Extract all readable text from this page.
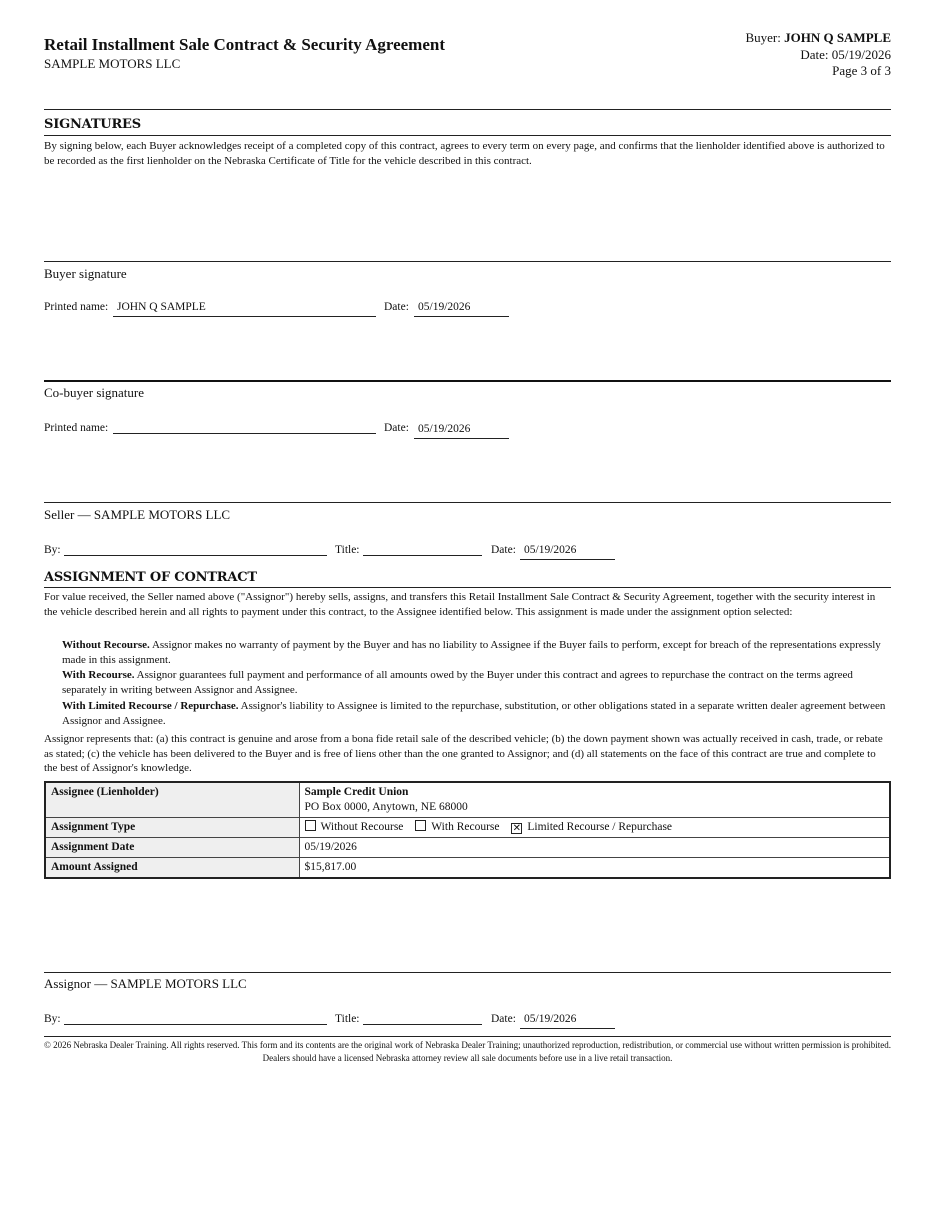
Retail Installment Sale Contract & Security Agreement
SAMPLE MOTORS LLC
Buyer: JOHN Q SAMPLE
Date: 05/19/2026
Page 3 of 3
SIGNATURES
By signing below, each Buyer acknowledges receipt of a completed copy of this contract, agrees to every term on every page, and confirms that the lienholder identified above is authorized to be recorded as the first lienholder on the Nebraska Certificate of Title for the vehicle described in this contract.
Buyer signature
Printed name: JOHN Q SAMPLE	Date: 05/19/2026
Co-buyer signature
Printed name:	Date: 05/19/2026
Seller — SAMPLE MOTORS LLC
By:	Title:	Date: 05/19/2026
ASSIGNMENT OF CONTRACT
For value received, the Seller named above ("Assignor") hereby sells, assigns, and transfers this Retail Installment Sale Contract & Security Agreement, together with the security interest in the vehicle described herein and all rights to payment under this contract, to the Assignee identified below. This assignment is made under the assignment option selected:
Without Recourse. Assignor makes no warranty of payment by the Buyer and has no liability to Assignee if the Buyer fails to perform, except for breach of the representations expressly made in this assignment.
With Recourse. Assignor guarantees full payment and performance of all amounts owed by the Buyer under this contract and agrees to repurchase the contract on the terms agreed separately in writing between Assignor and Assignee.
With Limited Recourse / Repurchase. Assignor's liability to Assignee is limited to the repurchase, substitution, or other obligations stated in a separate written dealer agreement between Assignor and Assignee.
Assignor represents that: (a) this contract is genuine and arose from a bona fide retail sale of the described vehicle; (b) the down payment shown was actually received in cash, trade, or rebate as stated; (c) the vehicle has been delivered to the Buyer and is free of liens other than the one granted to Assignor; and (d) all statements on the face of this contract are true and complete to the best of Assignor's knowledge.
Assignee (Lienholder)	Sample Credit Union
PO Box 0000, Anytown, NE 68000

Assignment Type	Without Recourse With Recourse ✕ Limited Recourse / Repurchase
Assignment Date	05/19/2026
Amount Assigned	$15,817.00
Assignor — SAMPLE MOTORS LLC
By:	Title:	Date: 05/19/2026
© 2026 Nebraska Dealer Training. All rights reserved. This form and its contents are the original work of Nebraska Dealer Training; unauthorized reproduction, redistribution, or commercial use without written permission is prohibited. Dealers should have a licensed Nebraska attorney review all sale documents before use in a live retail transaction.
